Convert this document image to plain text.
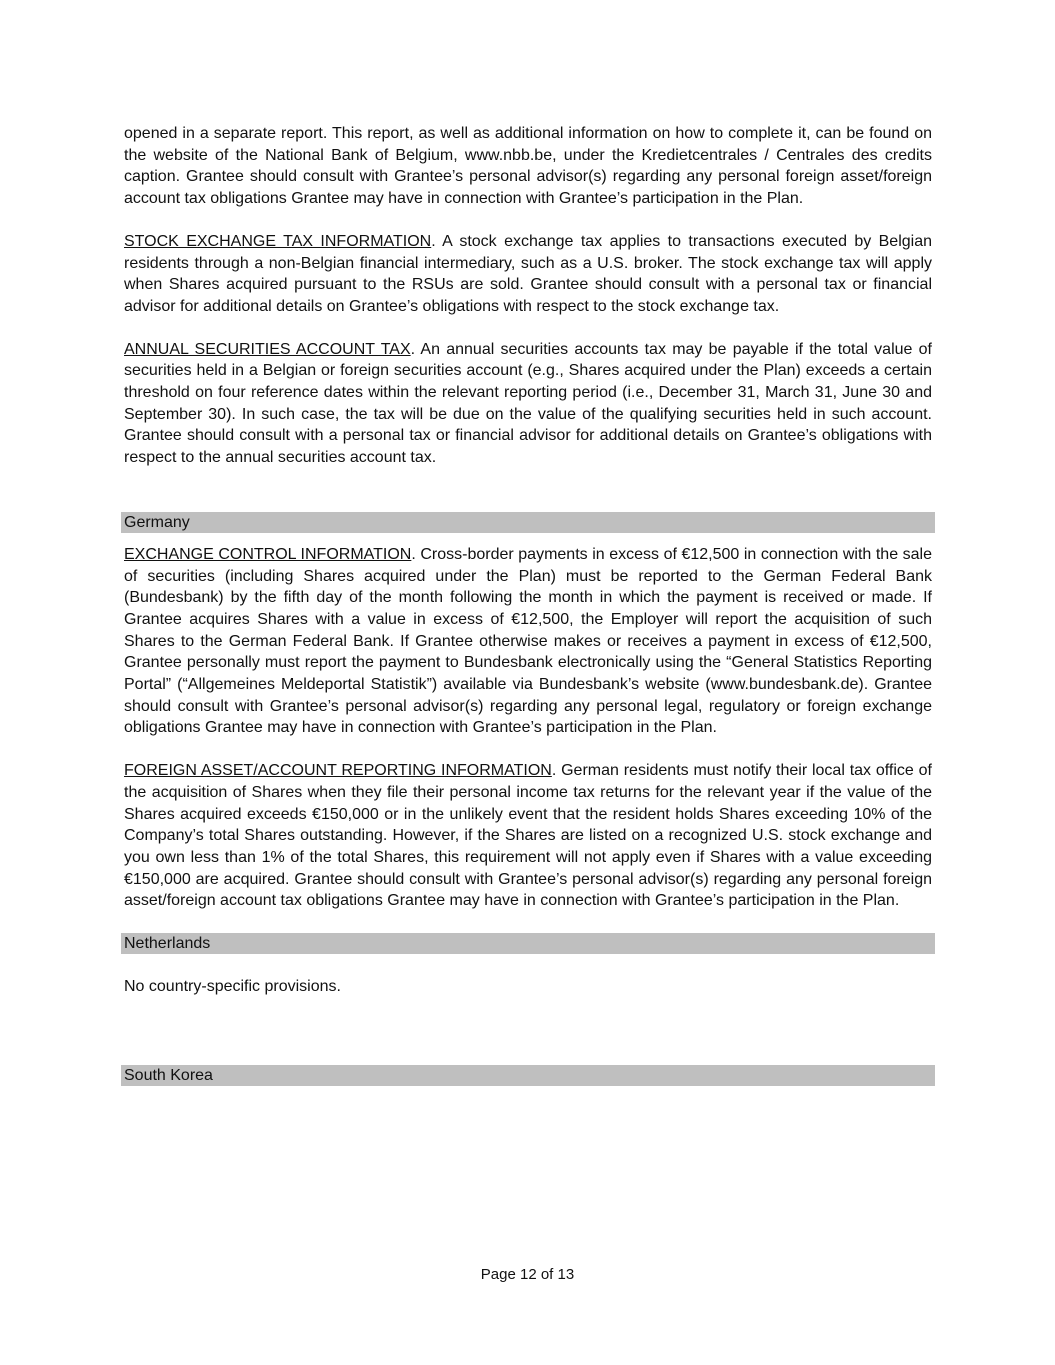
opened in a separate report. This report, as well as additional information on how to complete it, can be found on the website of the National Bank of Belgium, www.nbb.be, under the Kredietcentrales / Centrales des credits caption. Grantee should consult with Grantee’s personal advisor(s) regarding any personal foreign asset/foreign account tax obligations Grantee may have in connection with Grantee’s participation in the Plan.

STOCK EXCHANGE TAX INFORMATION. A stock exchange tax applies to transactions executed by Belgian residents through a non-Belgian financial intermediary, such as a U.S. broker. The stock exchange tax will apply when Shares acquired pursuant to the RSUs are sold. Grantee should consult with a personal tax or financial advisor for additional details on Grantee’s obligations with respect to the stock exchange tax.

ANNUAL SECURITIES ACCOUNT TAX. An annual securities accounts tax may be payable if the total value of securities held in a Belgian or foreign securities account (e.g., Shares acquired under the Plan) exceeds a certain threshold on four reference dates within the relevant reporting period (i.e., December 31, March 31, June 30 and September 30). In such case, the tax will be due on the value of the qualifying securities held in such account. Grantee should consult with a personal tax or financial advisor for additional details on Grantee’s obligations with respect to the annual securities account tax.

Germany

EXCHANGE CONTROL INFORMATION. Cross-border payments in excess of €12,500 in connection with the sale of securities (including Shares acquired under the Plan) must be reported to the German Federal Bank (Bundesbank) by the fifth day of the month following the month in which the payment is received or made. If Grantee acquires Shares with a value in excess of €12,500, the Employer will report the acquisition of such Shares to the German Federal Bank. If Grantee otherwise makes or receives a payment in excess of €12,500, Grantee personally must report the payment to Bundesbank electronically using the “General Statistics Reporting Portal” (“Allgemeines Meldeportal Statistik”) available via Bundesbank’s website (www.bundesbank.de). Grantee should consult with Grantee’s personal advisor(s) regarding any personal legal, regulatory or foreign exchange obligations Grantee may have in connection with Grantee’s participation in the Plan.

FOREIGN ASSET/ACCOUNT REPORTING INFORMATION. German residents must notify their local tax office of the acquisition of Shares when they file their personal income tax returns for the relevant year if the value of the Shares acquired exceeds €150,000 or in the unlikely event that the resident holds Shares exceeding 10% of the Company’s total Shares outstanding. However, if the Shares are listed on a recognized U.S. stock exchange and you own less than 1% of the total Shares, this requirement will not apply even if Shares with a value exceeding €150,000 are acquired. Grantee should consult with Grantee’s personal advisor(s) regarding any personal foreign asset/foreign account tax obligations Grantee may have in connection with Grantee’s participation in the Plan.

Netherlands

No country-specific provisions.

South Korea
Page 12 of 13
